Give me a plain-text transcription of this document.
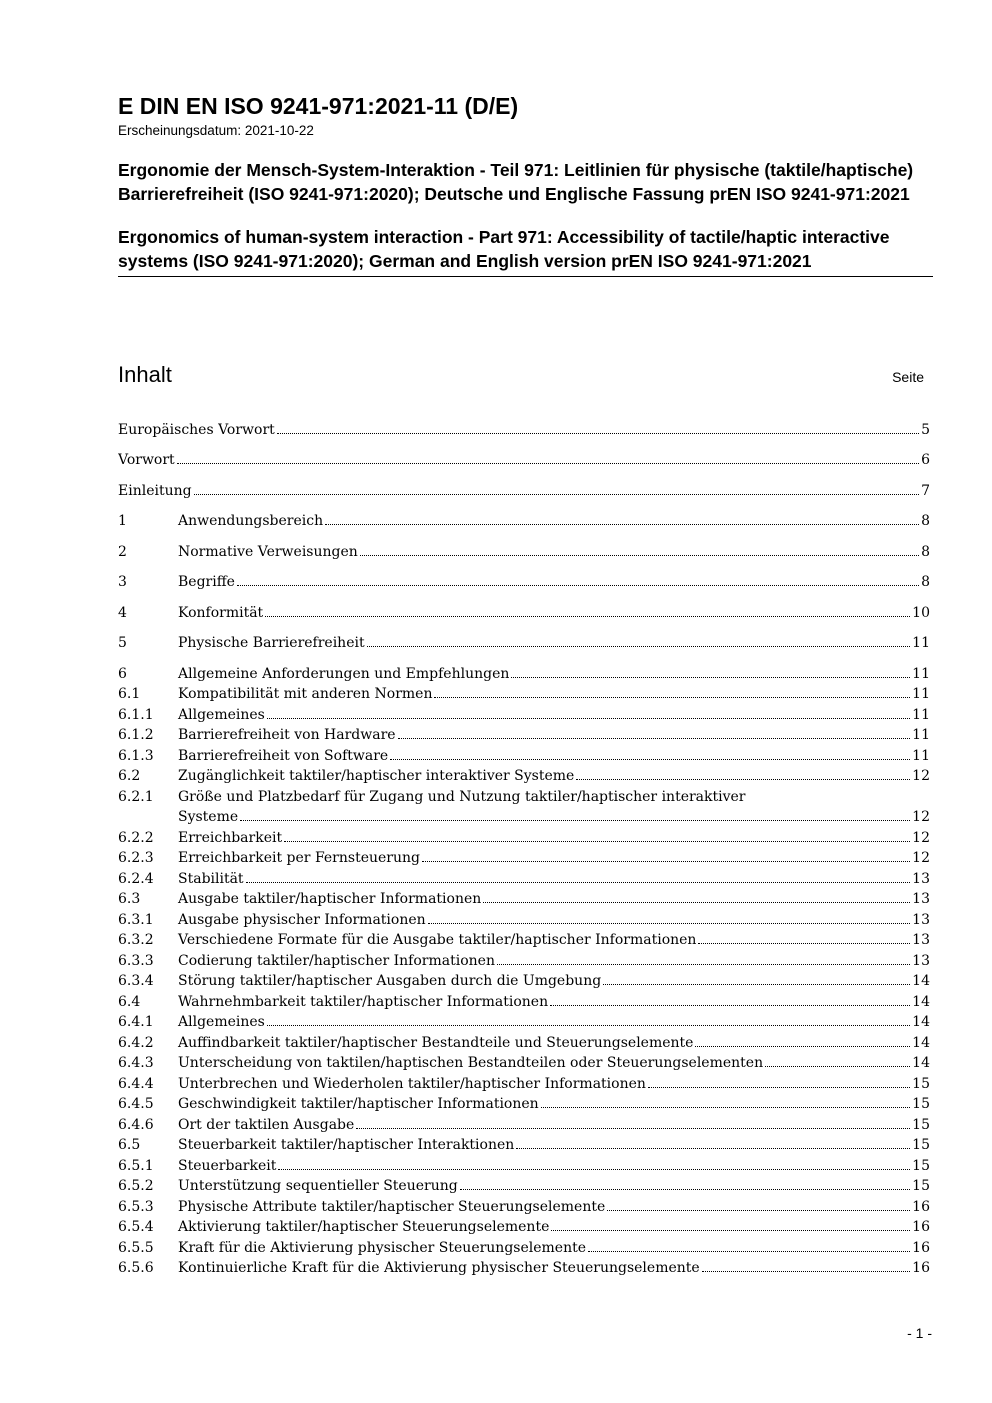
E DIN EN ISO 9241-971:2021-11 (D/E)

Erscheinungsdatum: 2021-10-22

Ergonomie der Mensch-System-Interaktion - Teil 971: Leitlinien für physische (taktile/haptische) Barrierefreiheit (ISO 9241-971:2020); Deutsche und Englische Fassung prEN ISO 9241-971:2021

Ergonomics of human-system interaction - Part 971: Accessibility of tactile/haptic interactive systems (ISO 9241-971:2020); German and English version prEN ISO 9241-971:2021

Inhalt	Seite
Europäisches Vorwort	5
Vorwort	6
Einleitung	7
1	Anwendungsbereich	8
2	Normative Verweisungen	8
3	Begriffe	8
4	Konformität	10
5	Physische Barrierefreiheit	11
6	Allgemeine Anforderungen und Empfehlungen	11
6.1	Kompatibilität mit anderen Normen	11
6.1.1	Allgemeines	11
6.1.2	Barrierefreiheit von Hardware	11
6.1.3	Barrierefreiheit von Software	11
6.2	Zugänglichkeit taktiler/haptischer interaktiver Systeme	12
6.2.1	Größe und Platzbedarf für Zugang und Nutzung taktiler/haptischer interaktiver
Systeme	12
6.2.2	Erreichbarkeit	12
6.2.3	Erreichbarkeit per Fernsteuerung	12
6.2.4	Stabilität	13
6.3	Ausgabe taktiler/haptischer Informationen	13
6.3.1	Ausgabe physischer Informationen	13
6.3.2	Verschiedene Formate für die Ausgabe taktiler/haptischer Informationen	13
6.3.3	Codierung taktiler/haptischer Informationen	13
6.3.4	Störung taktiler/haptischer Ausgaben durch die Umgebung	14
6.4	Wahrnehmbarkeit taktiler/haptischer Informationen	14
6.4.1	Allgemeines	14
6.4.2	Auffindbarkeit taktiler/haptischer Bestandteile und Steuerungselemente	14
6.4.3	Unterscheidung von taktilen/haptischen Bestandteilen oder Steuerungselementen	14
6.4.4	Unterbrechen und Wiederholen taktiler/haptischer Informationen	15
6.4.5	Geschwindigkeit taktiler/haptischer Informationen	15
6.4.6	Ort der taktilen Ausgabe	15
6.5	Steuerbarkeit taktiler/haptischer Interaktionen	15
6.5.1	Steuerbarkeit	15
6.5.2	Unterstützung sequentieller Steuerung	15
6.5.3	Physische Attribute taktiler/haptischer Steuerungselemente	16
6.5.4	Aktivierung taktiler/haptischer Steuerungselemente	16
6.5.5	Kraft für die Aktivierung physischer Steuerungselemente	16
6.5.6	Kontinuierliche Kraft für die Aktivierung physischer Steuerungselemente	16
- 1 -
